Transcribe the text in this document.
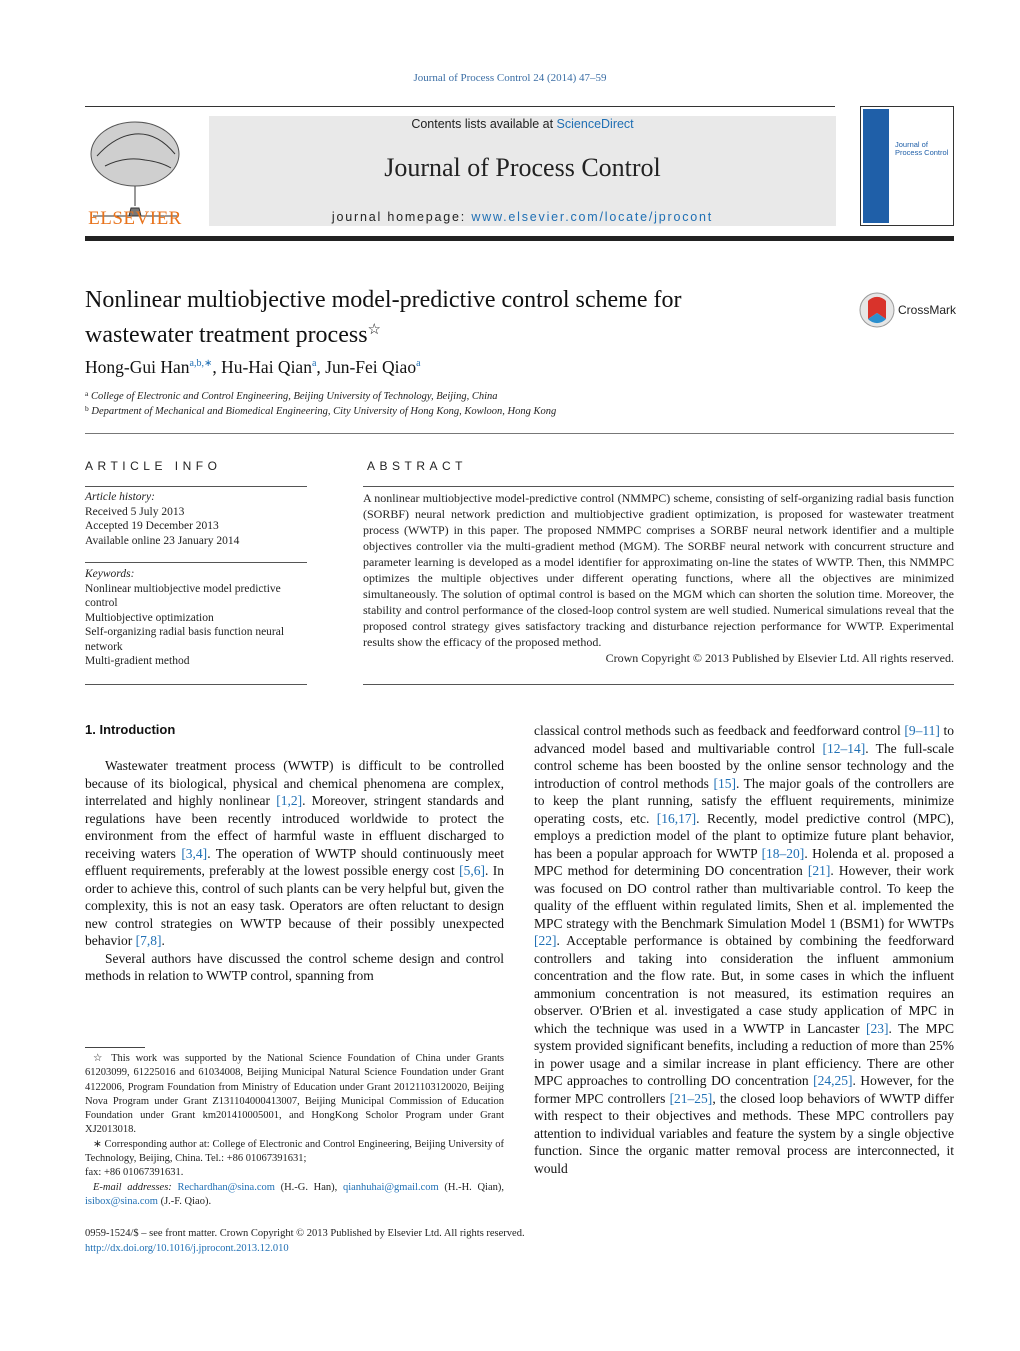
Journal of Process Control 24 (2014) 47–59
ELSEVIER
Contents lists available at ScienceDirect
Journal of Process Control
journal homepage: www.elsevier.com/locate/jprocont
Journal of
Process Control
Nonlinear multiobjective model-predictive control scheme for
wastewater treatment process☆
CrossMark
Hong-Gui Han$^{a,b,∗}$, Hu-Hai Qian$^a$, Jun-Fei Qiao$^a$
$^a$ College of Electronic and Control Engineering, Beijing University of Technology, Beijing, China
$^b$ Department of Mechanical and Biomedical Engineering, City University of Hong Kong, Kowloon, Hong Kong
ARTICLE INFO	ABSTRACT
Article history:
Received 5 July 2013
Accepted 19 December 2013
Available online 23 January 2014
Keywords:
Nonlinear multiobjective model predictive control
Multiobjective optimization
Self-organizing radial basis function neural network
Multi-gradient method

A nonlinear multiobjective model-predictive control (NMMPC) scheme, consisting of self-organizing radial basis function (SORBF) neural network prediction and multiobjective gradient optimization, is proposed for wastewater treatment process (WWTP) in this paper. The proposed NMMPC comprises a SORBF neural network identifier and a multiple objectives controller via the multi-gradient method (MGM). The SORBF neural network with concurrent structure and parameter learning is developed as a model identifier for approximating on-line the states of WWTP. Then, this NMMPC optimizes the multiple objectives under different operating functions, where all the objectives are minimized simultaneously. The solution of optimal control is based on the MGM which can shorten the solution time. Moreover, the stability and control performance of the closed-loop control system are well studied. Numerical simulations reveal that the proposed control strategy gives satisfactory tracking and disturbance rejection performance for WWTP. Experimental results show the efficacy of the proposed method.

Crown Copyright © 2013 Published by Elsevier Ltd. All rights reserved.

1. Introduction

Wastewater treatment process (WWTP) is difficult to be controlled because of its biological, physical and chemical phenomena are complex, interrelated and highly nonlinear [1,2]. Moreover, stringent standards and regulations have been recently introduced worldwide to protect the environment from the effect of harmful waste in effluent discharged to receiving waters [3,4]. The operation of WWTP should continuously meet effluent requirements, preferably at the lowest possible energy cost [5,6]. In order to achieve this, control of such plants can be very helpful but, given the complexity, this is not an easy task. Operators are often reluctant to design new control strategies on WWTP because of their possibly unexpected behavior [7,8].

Several authors have discussed the control scheme design and control methods in relation to WWTP control, spanning from

classical control methods such as feedback and feedforward control [9–11] to advanced model based and multivariable control [12–14]. The full-scale control scheme has been boosted by the online sensor technology and the introduction of control methods [15]. The major goals of the controllers are to keep the plant running, satisfy the effluent requirements, minimize operating costs, etc. [16,17]. Recently, model predictive control (MPC), employs a prediction model of the plant to optimize future plant behavior, has been a popular approach for WWTP [18–20]. Holenda et al. proposed a MPC method for determining DO concentration [21]. However, their work was focused on DO control rather than multivariable control. To keep the quality of the effluent within regulated limits, Shen et al. implemented the MPC strategy with the Benchmark Simulation Model 1 (BSM1) for WWTPs [22]. Acceptable performance is obtained by combining the feedforward controllers and taking into consideration the influent ammonium concentration and the flow rate. But, in some cases in which the influent ammonium concentration is not measured, its estimation requires an observer. O'Brien et al. investigated a case study application of MPC in which the technique was used in a WWTP in Lancaster [23]. The MPC system provided significant benefits, including a reduction of more than 25% in power usage and a similar increase in plant efficiency. There are other MPC approaches to controlling DO concentration [24,25]. However, for the former MPC controllers [21–25], the closed loop behaviors of WWTP differ with respect to their objectives and methods. These MPC controllers pay attention to individual variables and feature the system by a single objective function. Since the organic matter removal process are interconnected, it would

☆ This work was supported by the National Science Foundation of China under Grants 61203099, 61225016 and 61034008, Beijing Municipal Natural Science Foundation under Grant 4122006, Program Foundation from Ministry of Education under Grant 20121103120020, Beijing Nova Program under Grant Z131104000413007, Beijing Municipal Commission of Education Foundation under Grant km201410005001, and HongKong Scholor Program under Grant XJ2013018.

∗ Corresponding author at: College of Electronic and Control Engineering, Beijing University of Technology, Beijing, China. Tel.: +86 01067391631;

fax: +86 01067391631.

E-mail addresses: Rechardhan@sina.com (H.-G. Han), qianhuhai@gmail.com (H.-H. Qian), isibox@sina.com (J.-F. Qiao).

0959-1524/$ – see front matter. Crown Copyright © 2013 Published by Elsevier Ltd. All rights reserved.
http://dx.doi.org/10.1016/j.jprocont.2013.12.010
